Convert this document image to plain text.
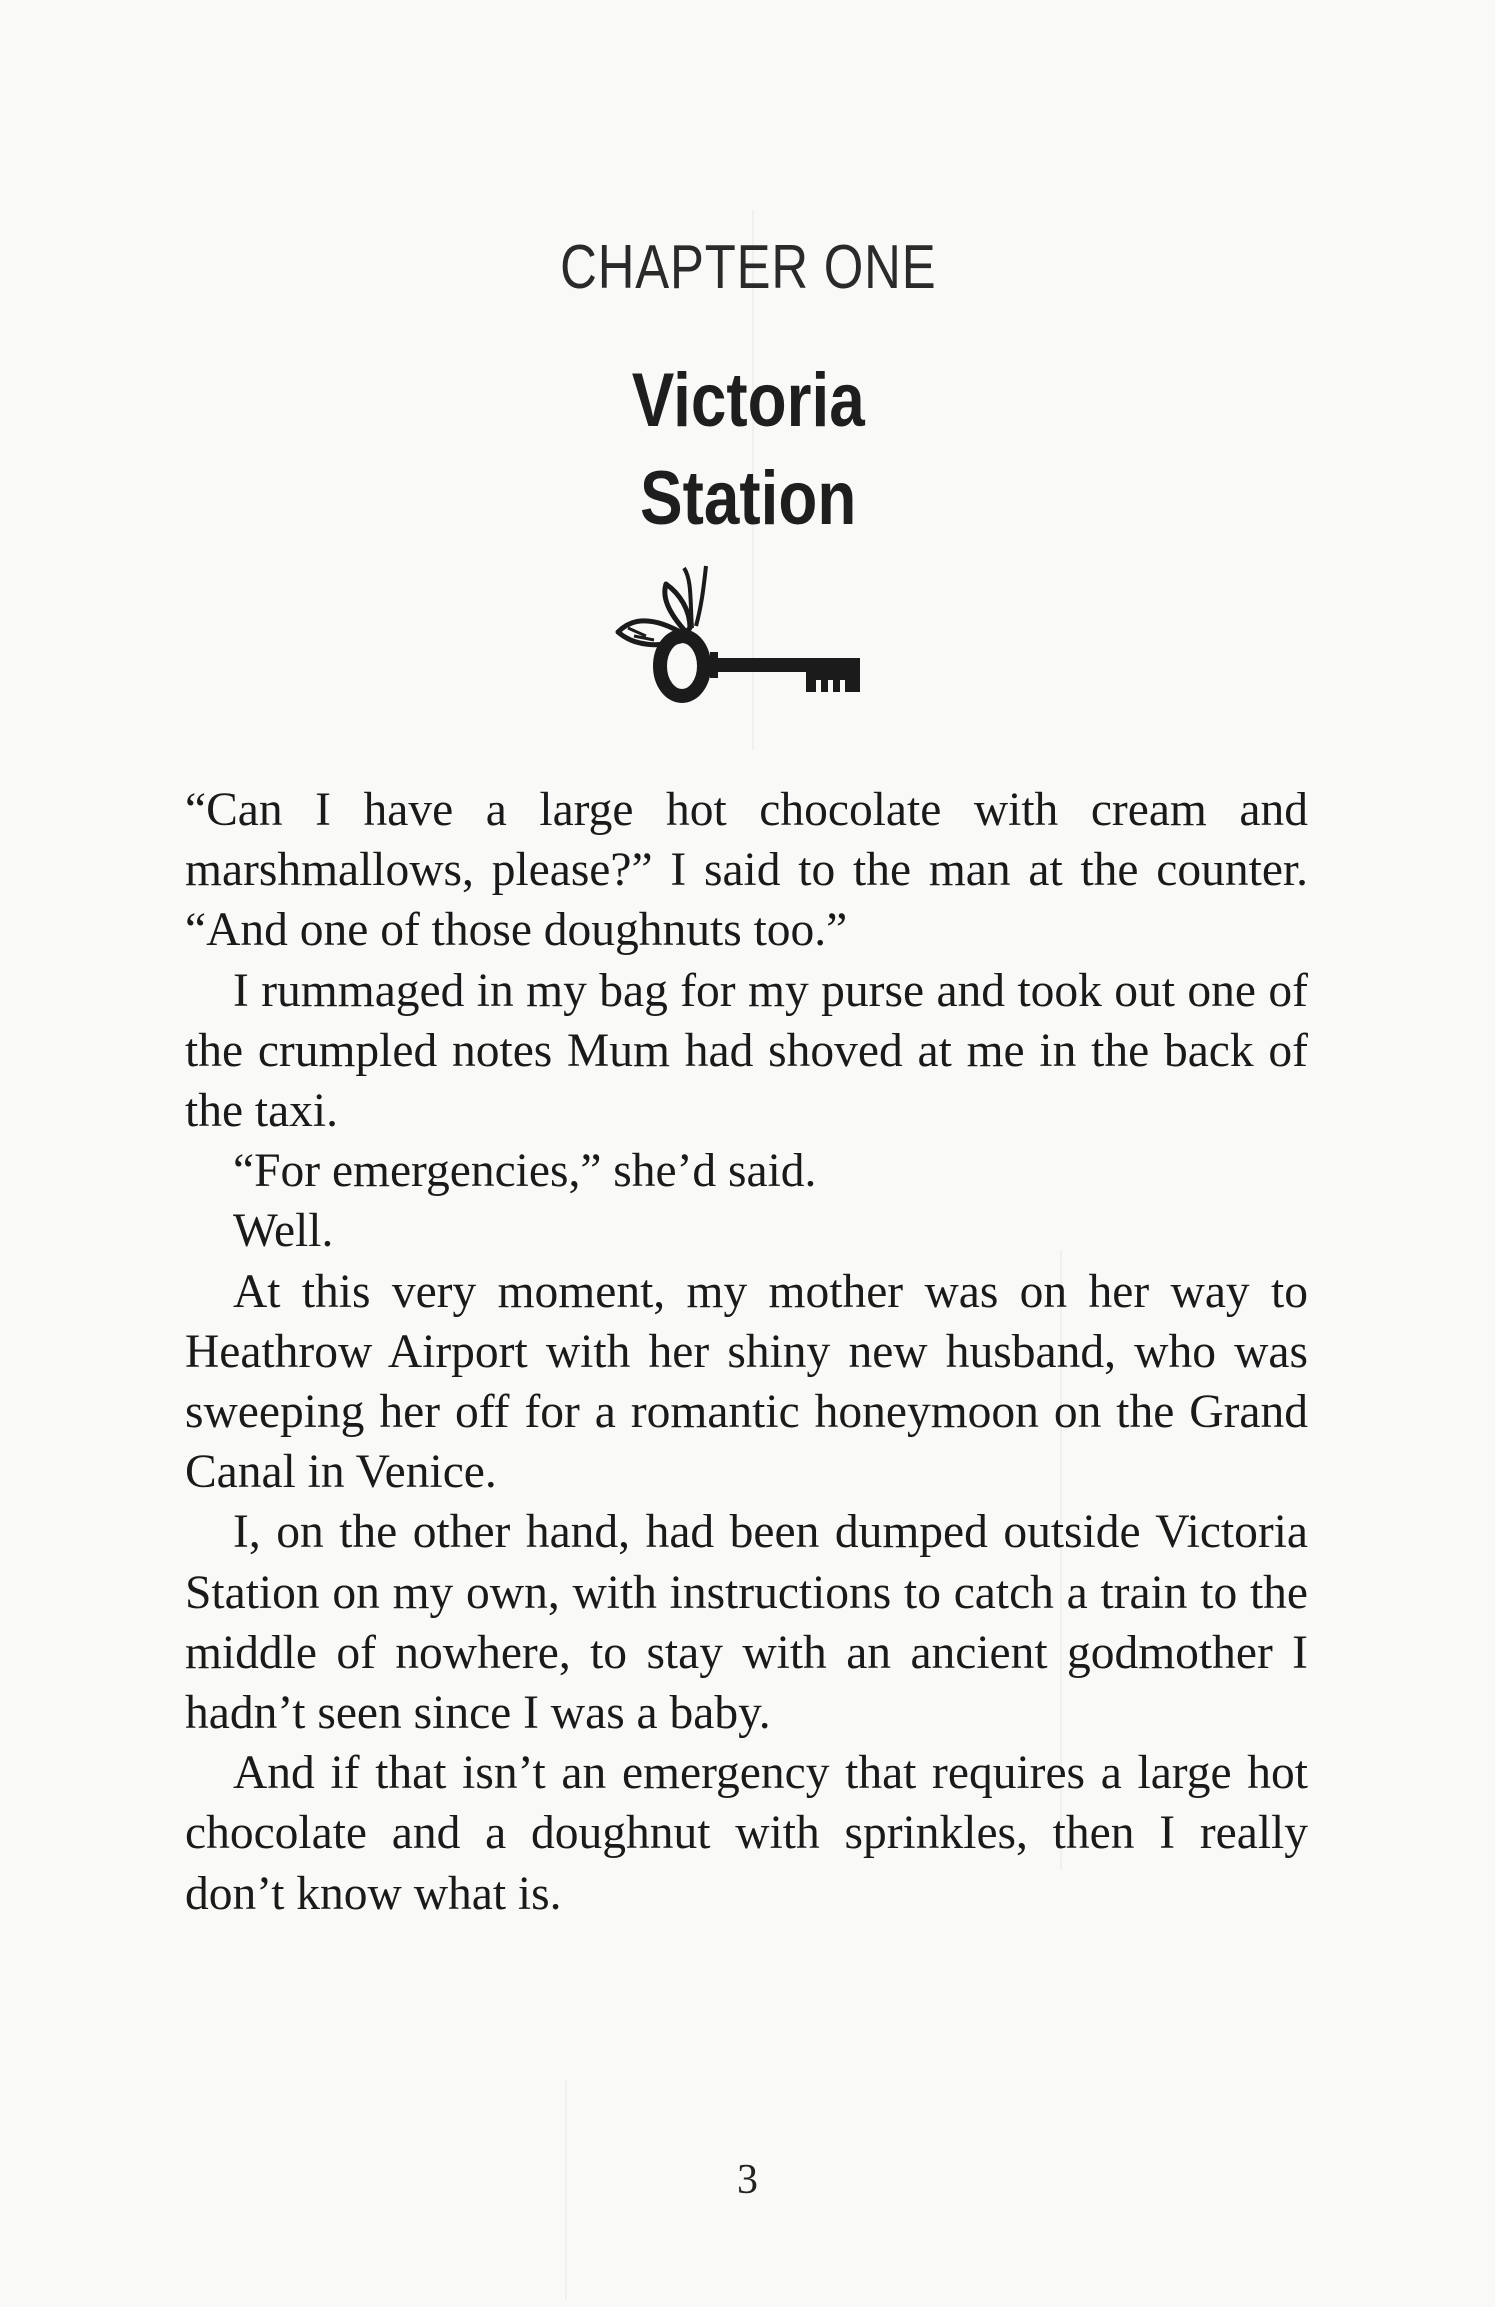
CHAPTER ONE
Victoria
Station

“Can I have a large hot chocolate with cream and marshmallows, please?” I said to the man at the counter. “And one of those doughnuts too.”

I rummaged in my bag for my purse and took out one of the crumpled notes Mum had shoved at me in the back of the taxi.

“For emergencies,” she’d said.

Well.

At this very moment, my mother was on her way to Heathrow Airport with her shiny new husband, who was sweeping her off for a romantic honeymoon on the Grand Canal in Venice.

I, on the other hand, had been dumped outside Victoria Station on my own, with instructions to catch a train to the middle of nowhere, to stay with an ancient godmother I hadn’t seen since I was a baby.

And if that isn’t an emergency that requires a large hot chocolate and a doughnut with sprinkles, then I really don’t know what is.

3
